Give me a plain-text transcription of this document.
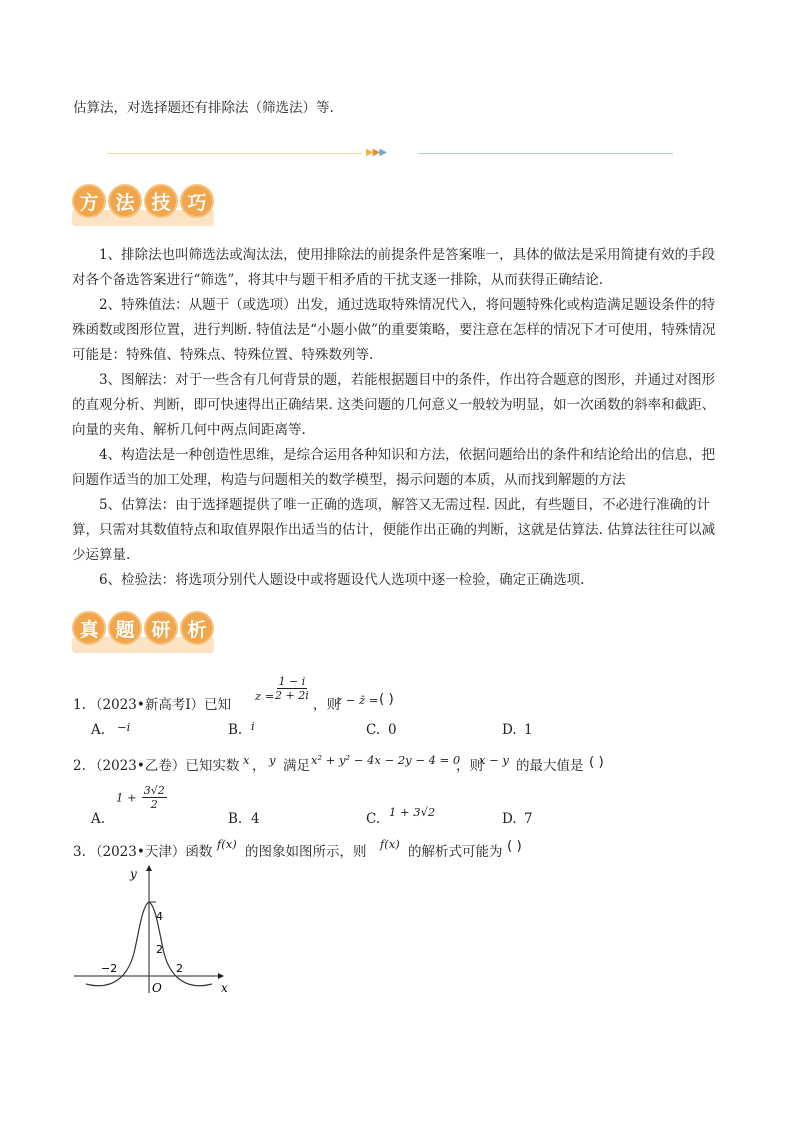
估算法，对选择题还有排除法（筛选法）等.
▶▶▶
方 法 技 巧

1、排除法也叫筛选法或淘汰法，使用排除法的前提条件是答案唯一，具体的做法是采用简捷有效的手段对各个备选答案进行“筛选”，将其中与题干相矛盾的干扰支逐一排除，从而获得正确结论.

2、特殊值法：从题干（或选项）出发，通过选取特殊情况代入，将问题特殊化或构造满足题设条件的特殊函数或图形位置，进行判断. 特值法是“小题小做”的重要策略，要注意在怎样的情况下才可使用，特殊情况可能是：特殊值、特殊点、特殊位置、特殊数列等.

3、图解法：对于一些含有几何背景的题，若能根据题目中的条件，作出符合题意的图形，并通过对图形的直观分析、判断，即可快速得出正确结果. 这类问题的几何意义一般较为明显，如一次函数的斜率和截距、向量的夹角、解析几何中两点间距离等.

4、构造法是一种创造性思维，是综合运用各种知识和方法，依据问题给出的条件和结论给出的信息，把问题作适当的加工处理，构造与问题相关的数学模型，揭示问题的本质，从而找到解题的方法

5、估算法：由于选择题提供了唯一正确的选项，解答又无需过程. 因此，有些题目，不必进行准确的计算，只需对其数值特点和取值界限作出适当的估计，便能作出正确的判断，这就是估算法. 估算法往往可以减少运算量.

6、检验法：将选项分别代人题设中或将题设代人选项中逐一检验，确定正确选项.

真 题 研 析
1. （2023•新高考Ⅰ）已知
z =
$\frac{1 - i}{2 + 2i}$
，则
z − z̄ = ( )
A. −i	B. i	C. 0	D. 1
2. （2023•乙卷）已知实数 x ， y 满足 x² + y² − 4x − 2y − 4 = 0
，则
x − y 的最大值是 ( )
A.
$1 + \frac{3√2}{2}$
B. 4	C. 1 + 3√2	D. 7
3. （2023•天津）函数 f(x) 的图象如图所示，则 f(x) 的解析式可能为 ( )
y
x
O
4
2
−2	2
